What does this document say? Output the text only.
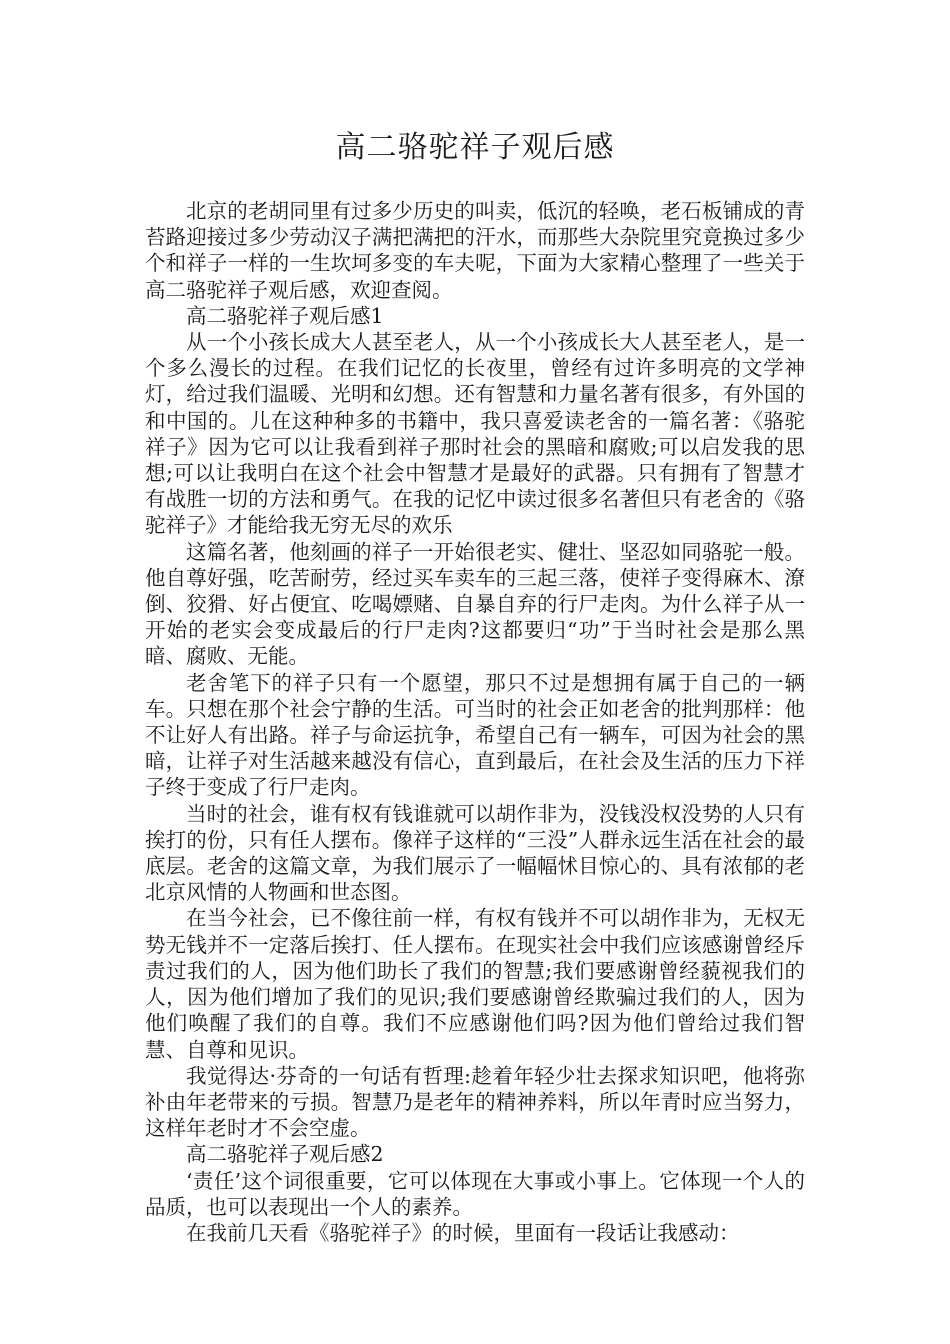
高二骆驼祥子观后感

北京的老胡同里有过多少历史的叫卖，低沉的轻唤，老石板铺成的青苔路迎接过多少劳动汉子满把满把的汗水，而那些大杂院里究竟换过多少个和祥子一样的一生坎坷多变的车夫呢，下面为大家精心整理了一些关于高二骆驼祥子观后感，欢迎查阅。

高二骆驼祥子观后感1

从一个小孩长成大人甚至老人，从一个小孩成长大人甚至老人，是一个多么漫长的过程。在我们记忆的长夜里，曾经有过许多明亮的文学神灯，给过我们温暖、光明和幻想。还有智慧和力量名著有很多，有外国的和中国的。儿在这种种多的书籍中，我只喜爱读老舍的一篇名著：《骆驼祥子》因为它可以让我看到祥子那时社会的黑暗和腐败;可以启发我的思想;可以让我明白在这个社会中智慧才是最好的武器。只有拥有了智慧才有战胜一切的方法和勇气。在我的记忆中读过很多名著但只有老舍的《骆驼祥子》才能给我无穷无尽的欢乐

这篇名著，他刻画的祥子一开始很老实、健壮、坚忍如同骆驼一般。他自尊好强，吃苦耐劳，经过买车卖车的三起三落，使祥子变得麻木、潦倒、狡猾、好占便宜、吃喝嫖赌、自暴自弃的行尸走肉。为什么祥子从一开始的老实会变成最后的行尸走肉?这都要归“功”于当时社会是那么黑暗、腐败、无能。

老舍笔下的祥子只有一个愿望，那只不过是想拥有属于自己的一辆车。只想在那个社会宁静的生活。可当时的社会正如老舍的批判那样：他不让好人有出路。祥子与命运抗争，希望自己有一辆车，可因为社会的黑暗，让祥子对生活越来越没有信心，直到最后，在社会及生活的压力下祥子终于变成了行尸走肉。

当时的社会，谁有权有钱谁就可以胡作非为，没钱没权没势的人只有挨打的份，只有任人摆布。像祥子这样的“三没”人群永远生活在社会的最底层。老舍的这篇文章，为我们展示了一幅幅怵目惊心的、具有浓郁的老北京风情的人物画和世态图。

在当今社会，已不像往前一样，有权有钱并不可以胡作非为，无权无势无钱并不一定落后挨打、任人摆布。在现实社会中我们应该感谢曾经斥责过我们的人，因为他们助长了我们的智慧;我们要感谢曾经藐视我们的人，因为他们增加了我们的见识;我们要感谢曾经欺骗过我们的人，因为他们唤醒了我们的自尊。我们不应感谢他们吗?因为他们曾给过我们智慧、自尊和见识。

我觉得达·芬奇的一句话有哲理:趁着年轻少壮去探求知识吧，他将弥补由年老带来的亏损。智慧乃是老年的精神养料，所以年青时应当努力，这样年老时才不会空虚。

高二骆驼祥子观后感2

‘责任’这个词很重要，它可以体现在大事或小事上。它体现一个人的品质，也可以表现出一个人的素养。

在我前几天看《骆驼祥子》的时候，里面有一段话让我感动：
